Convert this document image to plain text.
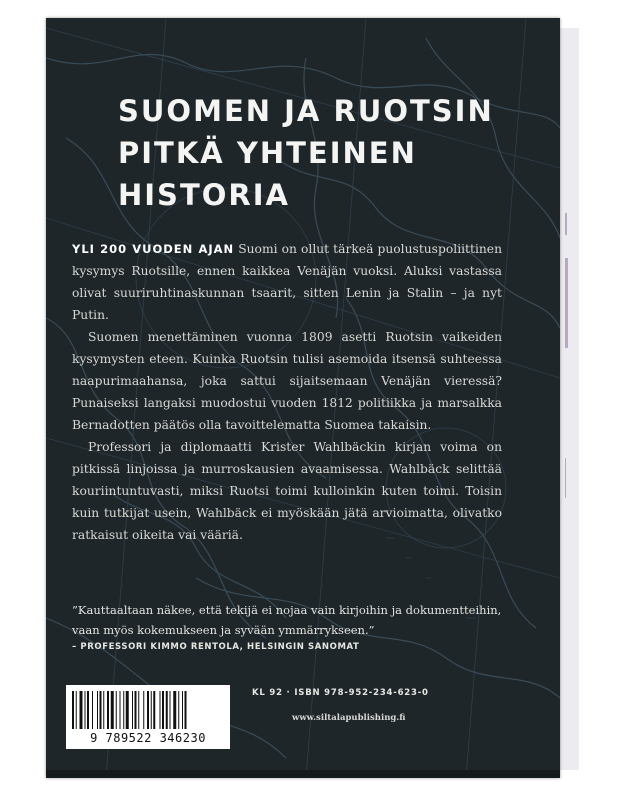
SUOMEN JA RUOTSIN
PITKÄ YHTEINEN
HISTORIA

YLI 200 VUODEN AJAN Suomi on ollut tärkeä puolustuspoliittinen kysymys Ruotsille, ennen kaikkea Venäjän vuoksi. Aluksi vastassa olivat suuriruhtinaskunnan tsaarit, sitten Lenin ja Stalin – ja nyt Putin.

Suomen menettäminen vuonna 1809 asetti Ruotsin vaikeiden kysymysten eteen. Kuinka Ruotsin tulisi asemoida itsensä suhteessa naapurimaahansa, joka sattui sijaitsemaan Venäjän vieressä? Punaiseksi langaksi muodostui vuoden 1812 politiikka ja marsalkka Bernadotten päätös olla tavoittelematta Suomea takaisin.

Professori ja diplomaatti Krister Wahlbäckin kirjan voima on pitkissä linjoissa ja murroskausien avaamisessa. Wahlbäck selittää kouriintuntuvasti, miksi Ruotsi toimi kulloinkin kuten toimi. Toisin kuin tutkijat usein, Wahlbäck ei myöskään jätä arvioimatta, olivatko ratkaisut oikeita vai vääriä.

”Kauttaaltaan näkee, että tekijä ei nojaa vain kirjoihin ja dokumentteihin, vaan myös kokemukseen ja syvään ymmärrykseen.”
– PROFESSORI KIMMO RENTOLA, HELSINGIN SANOMAT
9 789522 346230
KL 92 · ISBN 978-952-234-623-0
www.siltalapublishing.fi
